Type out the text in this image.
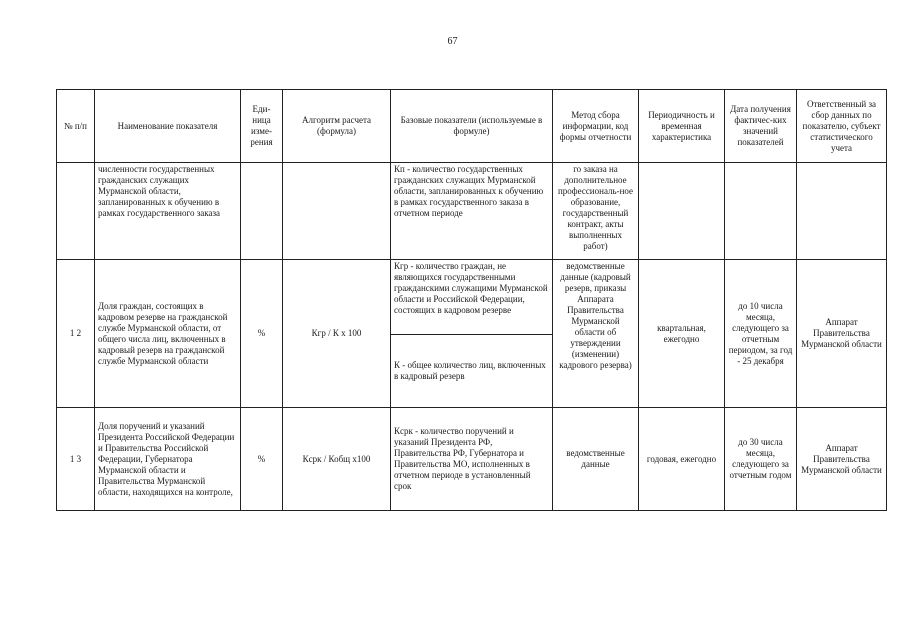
67
№ п/п	Наименование показателя	Еди-ница изме-рения	Алгоритм расчета (формула)	Базовые показатели (используемые в формуле)	Метод сбора информации, код формы отчетности	Периодичность и временная характеристика	Дата получения фактичес-ких значений показателей	Ответственный за сбор данных по показателю, субъект статистического учета
	численности государственных гражданских служащих Мурманской области, запланированных к обучению в рамках государственного заказа			Кп - количество государственных гражданских служащих Мурманской области, запланированных к обучению в рамках государственного заказа в отчетном периоде	го заказа на дополнительное профессиональ-ное образование, государственный контракт, акты выполненных работ)			
1 2	Доля граждан, состоящих в кадровом резерве на гражданской службе Мурманской области, от общего числа лиц, включенных в кадровый резерв на гражданской службе Мурманской области	%	Кгр / К х 100	Кгр - количество граждан, не являющихся государственными гражданскими служащими Мурманской области и Российской Федерации, состоящих в кадровом резерве	ведомственные данные (кадровый резерв, приказы Аппарата Правительства Мурманской области об утверждении (изменении) кадрового резерва)	квартальная, ежегодно	до 10 числа месяца, следующего за отчетным периодом, за год - 25 декабря	Аппарат Правительства Мурманской области
				К - общее количество лиц, включенных в кадровый резерв				
1 3	Доля поручений и указаний Президента Российской Федерации и Правительства Российской Федерации, Губернатора Мурманской области и Правительства Мурманской области, находящихся на контроле,	%	Кcрк / Кобщ х100	Кcрк - количество поручений и указаний Президента РФ, Правительства РФ, Губернатора и Правительства МО, исполненных в отчетном периоде в установленный срок	ведомственные данные	годовая, ежегодно	до 30 числа месяца, следующего за отчетным годом	Аппарат Правительства Мурманской области
